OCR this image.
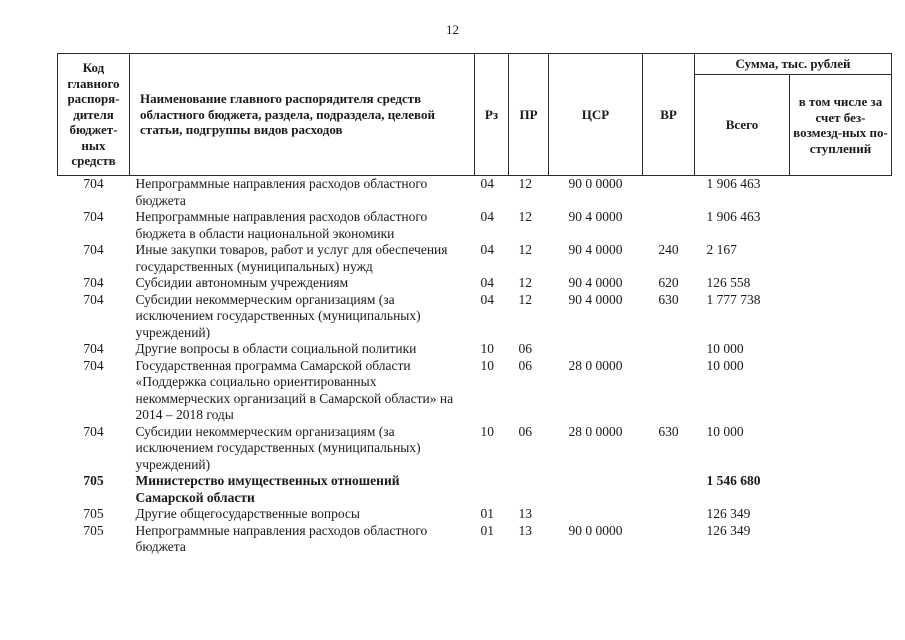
12
Код главного распоря-дителя бюджет-ных средств	Наименование главного распорядителя средств областного бюджета, раздела, подраздела, целевой статьи, подгруппы видов расходов	Рз	ПР	ЦСР	ВР	Сумма, тыс. рублей	
						Всего	в том числе за счет без-возмезд-ных по-ступлений
704	Непрограммные направления расходов областного бюджета	04	12	90 0 0000		1 906 463	
704	Непрограммные направления расходов областного бюджета в области национальной экономики	04	12	90 4 0000		1 906 463	
704	Иные закупки товаров, работ и услуг для обеспечения государственных (муниципальных) нужд	04	12	90 4 0000	240	2 167	
704	Субсидии автономным учреждениям	04	12	90 4 0000	620	126 558	
704	Субсидии некоммерческим организациям (за исключением государственных (муниципальных) учреждений)	04	12	90 4 0000	630	1 777 738	
704	Другие вопросы в области социальной политики	10	06			10 000	
704	Государственная программа Самарской области «Поддержка социально ориентированных некоммерческих организаций в Самарской области» на 2014 – 2018 годы	10	06	28 0 0000		10 000	
704	Субсидии некоммерческим организациям (за исключением государственных (муниципальных) учреждений)	10	06	28 0 0000	630	10 000	
705	Министерство имущественных отношений Самарской области					1 546 680	
705	Другие общегосударственные вопросы	01	13			126 349	
705	Непрограммные направления расходов областного бюджета	01	13	90 0 0000		126 349	
